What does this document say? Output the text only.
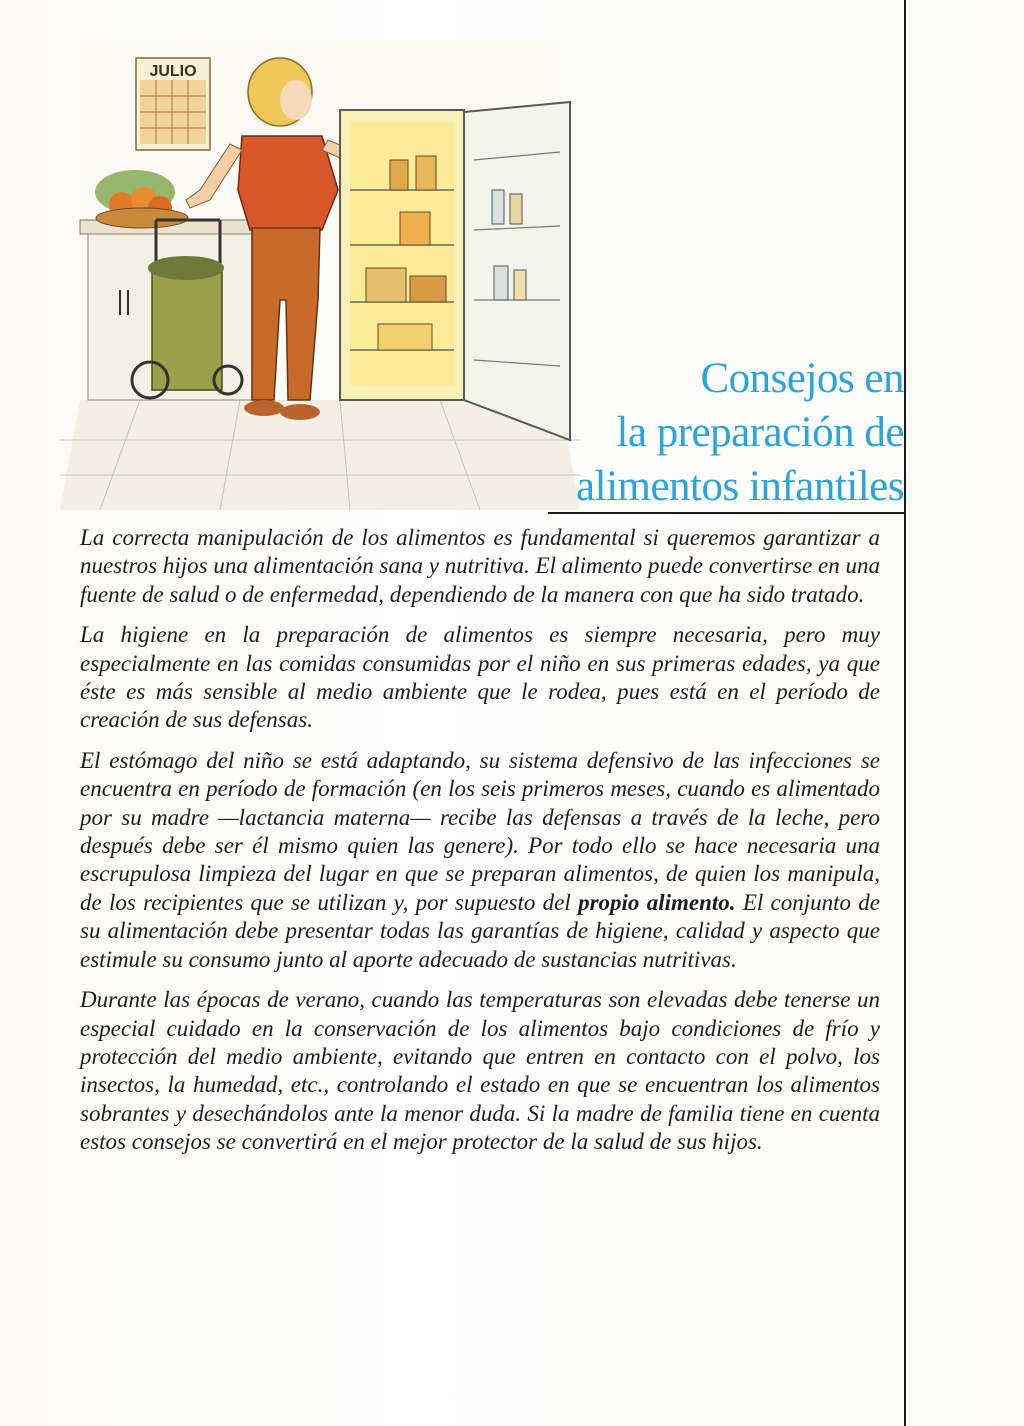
JULIO
Consejos en
la preparación de
alimentos infantiles

La correcta manipulación de los alimentos es fundamental si queremos garantizar a nuestros hijos una alimentación sana y nutritiva. El alimento puede convertirse en una fuente de salud o de enfermedad, dependiendo de la manera con que ha sido tratado.

La higiene en la preparación de alimentos es siempre necesaria, pero muy especialmente en las comidas consumidas por el niño en sus primeras edades, ya que éste es más sensible al medio ambiente que le rodea, pues está en el período de creación de sus defensas.

El estómago del niño se está adaptando, su sistema defensivo de las infecciones se encuentra en período de formación (en los seis primeros meses, cuando es alimentado por su madre —lactancia materna— recibe las defensas a través de la leche, pero después debe ser él mismo quien las genere). Por todo ello se hace necesaria una escrupulosa limpieza del lugar en que se preparan alimentos, de quien los manipula, de los recipientes que se utilizan y, por supuesto del propio alimento. El conjunto de su alimentación debe presentar todas las garantías de higiene, calidad y aspecto que estimule su consumo junto al aporte adecuado de sustancias nutritivas.

Durante las épocas de verano, cuando las temperaturas son elevadas debe tenerse un especial cuidado en la conservación de los alimentos bajo condiciones de frío y protección del medio ambiente, evitando que entren en contacto con el polvo, los insectos, la humedad, etc., controlando el estado en que se encuentran los alimentos sobrantes y desechándolos ante la menor duda. Si la madre de familia tiene en cuenta estos consejos se convertirá en el mejor protector de la salud de sus hijos.
